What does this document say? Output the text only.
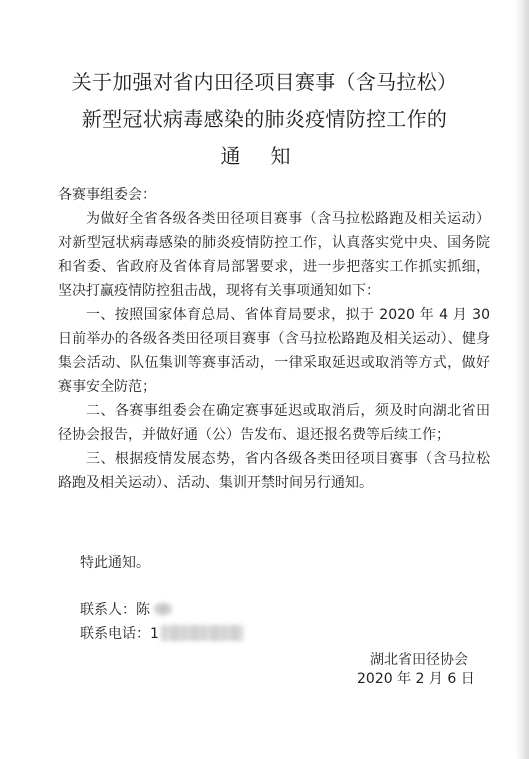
关于加强对省内田径项目赛事（含马拉松）
新型冠状病毒感染的肺炎疫情防控工作的
通知
各赛事组委会：

为做好全省各级各类田径项目赛事（含马拉松路跑及相关运动）对新型冠状病毒感染的肺炎疫情防控工作，认真落实党中央、国务院和省委、省政府及省体育局部署要求，进一步把落实工作抓实抓细，坚决打赢疫情防控狙击战，现将有关事项通知如下：

一、按照国家体育总局、省体育局要求，拟于 2020 年 4 月 30 日前举办的各级各类田径项目赛事（含马拉松路跑及相关运动）、健身集会活动、队伍集训等赛事活动，一律采取延迟或取消等方式，做好赛事安全防范；

二、各赛事组委会在确定赛事延迟或取消后，须及时向湖北省田径协会报告，并做好通（公）告发布、退还报名费等后续工作；

三、根据疫情发展态势，省内各级各类田径项目赛事（含马拉松路跑及相关运动）、活动、集训开禁时间另行通知。

特此通知。
联系人：陈
联系电话：1
湖北省田径协会
2020 年 2 月 6 日
